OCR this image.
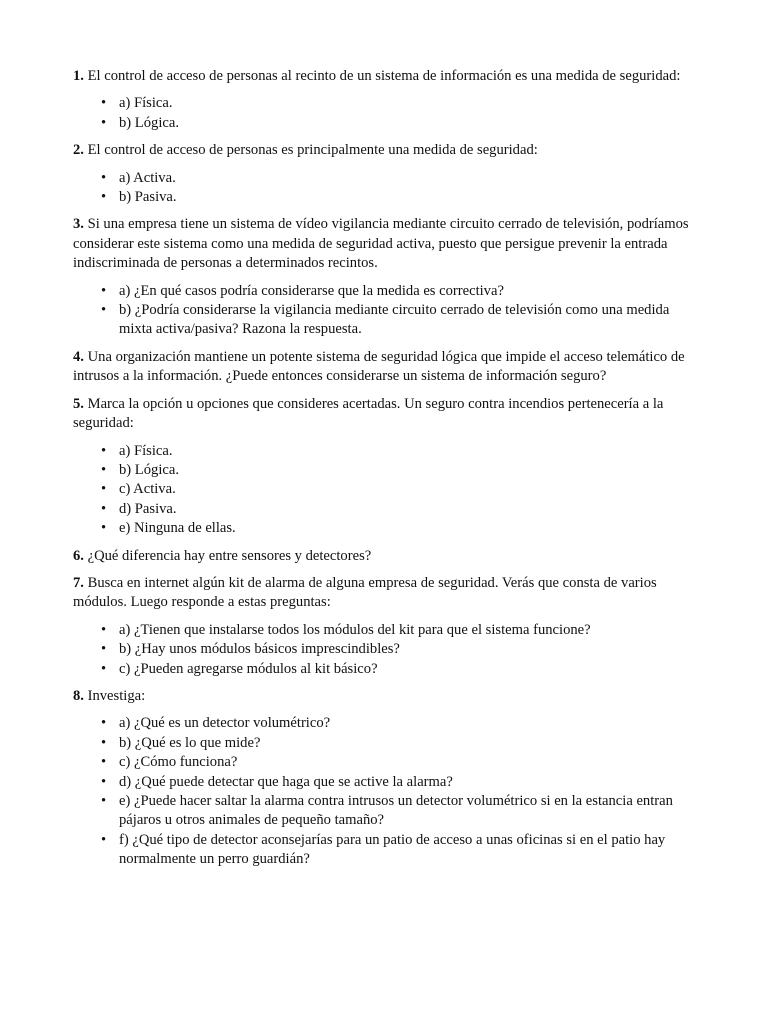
1. El control de acceso de personas al recinto de un sistema de información es una medida de seguridad:

• a) Física.
• b) Lógica.

2. El control de acceso de personas es principalmente una medida de seguridad:

• a) Activa.
• b) Pasiva.

3. Si una empresa tiene un sistema de vídeo vigilancia mediante circuito cerrado de televisión, podríamos considerar este sistema como una medida de seguridad activa, puesto que persigue prevenir la entrada indiscriminada de personas a determinados recintos.

• a) ¿En qué casos podría considerarse que la medida es correctiva?
• b) ¿Podría considerarse la vigilancia mediante circuito cerrado de televisión como una medida mixta activa/pasiva? Razona la respuesta.

4. Una organización mantiene un potente sistema de seguridad lógica que impide el acceso telemático de intrusos a la información. ¿Puede entonces considerarse un sistema de información seguro?

5. Marca la opción u opciones que consideres acertadas. Un seguro contra incendios pertenecería a la seguridad:

• a) Física.
• b) Lógica.
• c) Activa.
• d) Pasiva.
• e) Ninguna de ellas.

6. ¿Qué diferencia hay entre sensores y detectores?

7. Busca en internet algún kit de alarma de alguna empresa de seguridad. Verás que consta de varios módulos. Luego responde a estas preguntas:

• a) ¿Tienen que instalarse todos los módulos del kit para que el sistema funcione?
• b) ¿Hay unos módulos básicos imprescindibles?
• c) ¿Pueden agregarse módulos al kit básico?

8. Investiga:

• a) ¿Qué es un detector volumétrico?
• b) ¿Qué es lo que mide?
• c) ¿Cómo funciona?
• d) ¿Qué puede detectar que haga que se active la alarma?
• e) ¿Puede hacer saltar la alarma contra intrusos un detector volumétrico si en la estancia entran pájaros u otros animales de pequeño tamaño?
• f) ¿Qué tipo de detector aconsejarías para un patio de acceso a unas oficinas si en el patio hay normalmente un perro guardián?
